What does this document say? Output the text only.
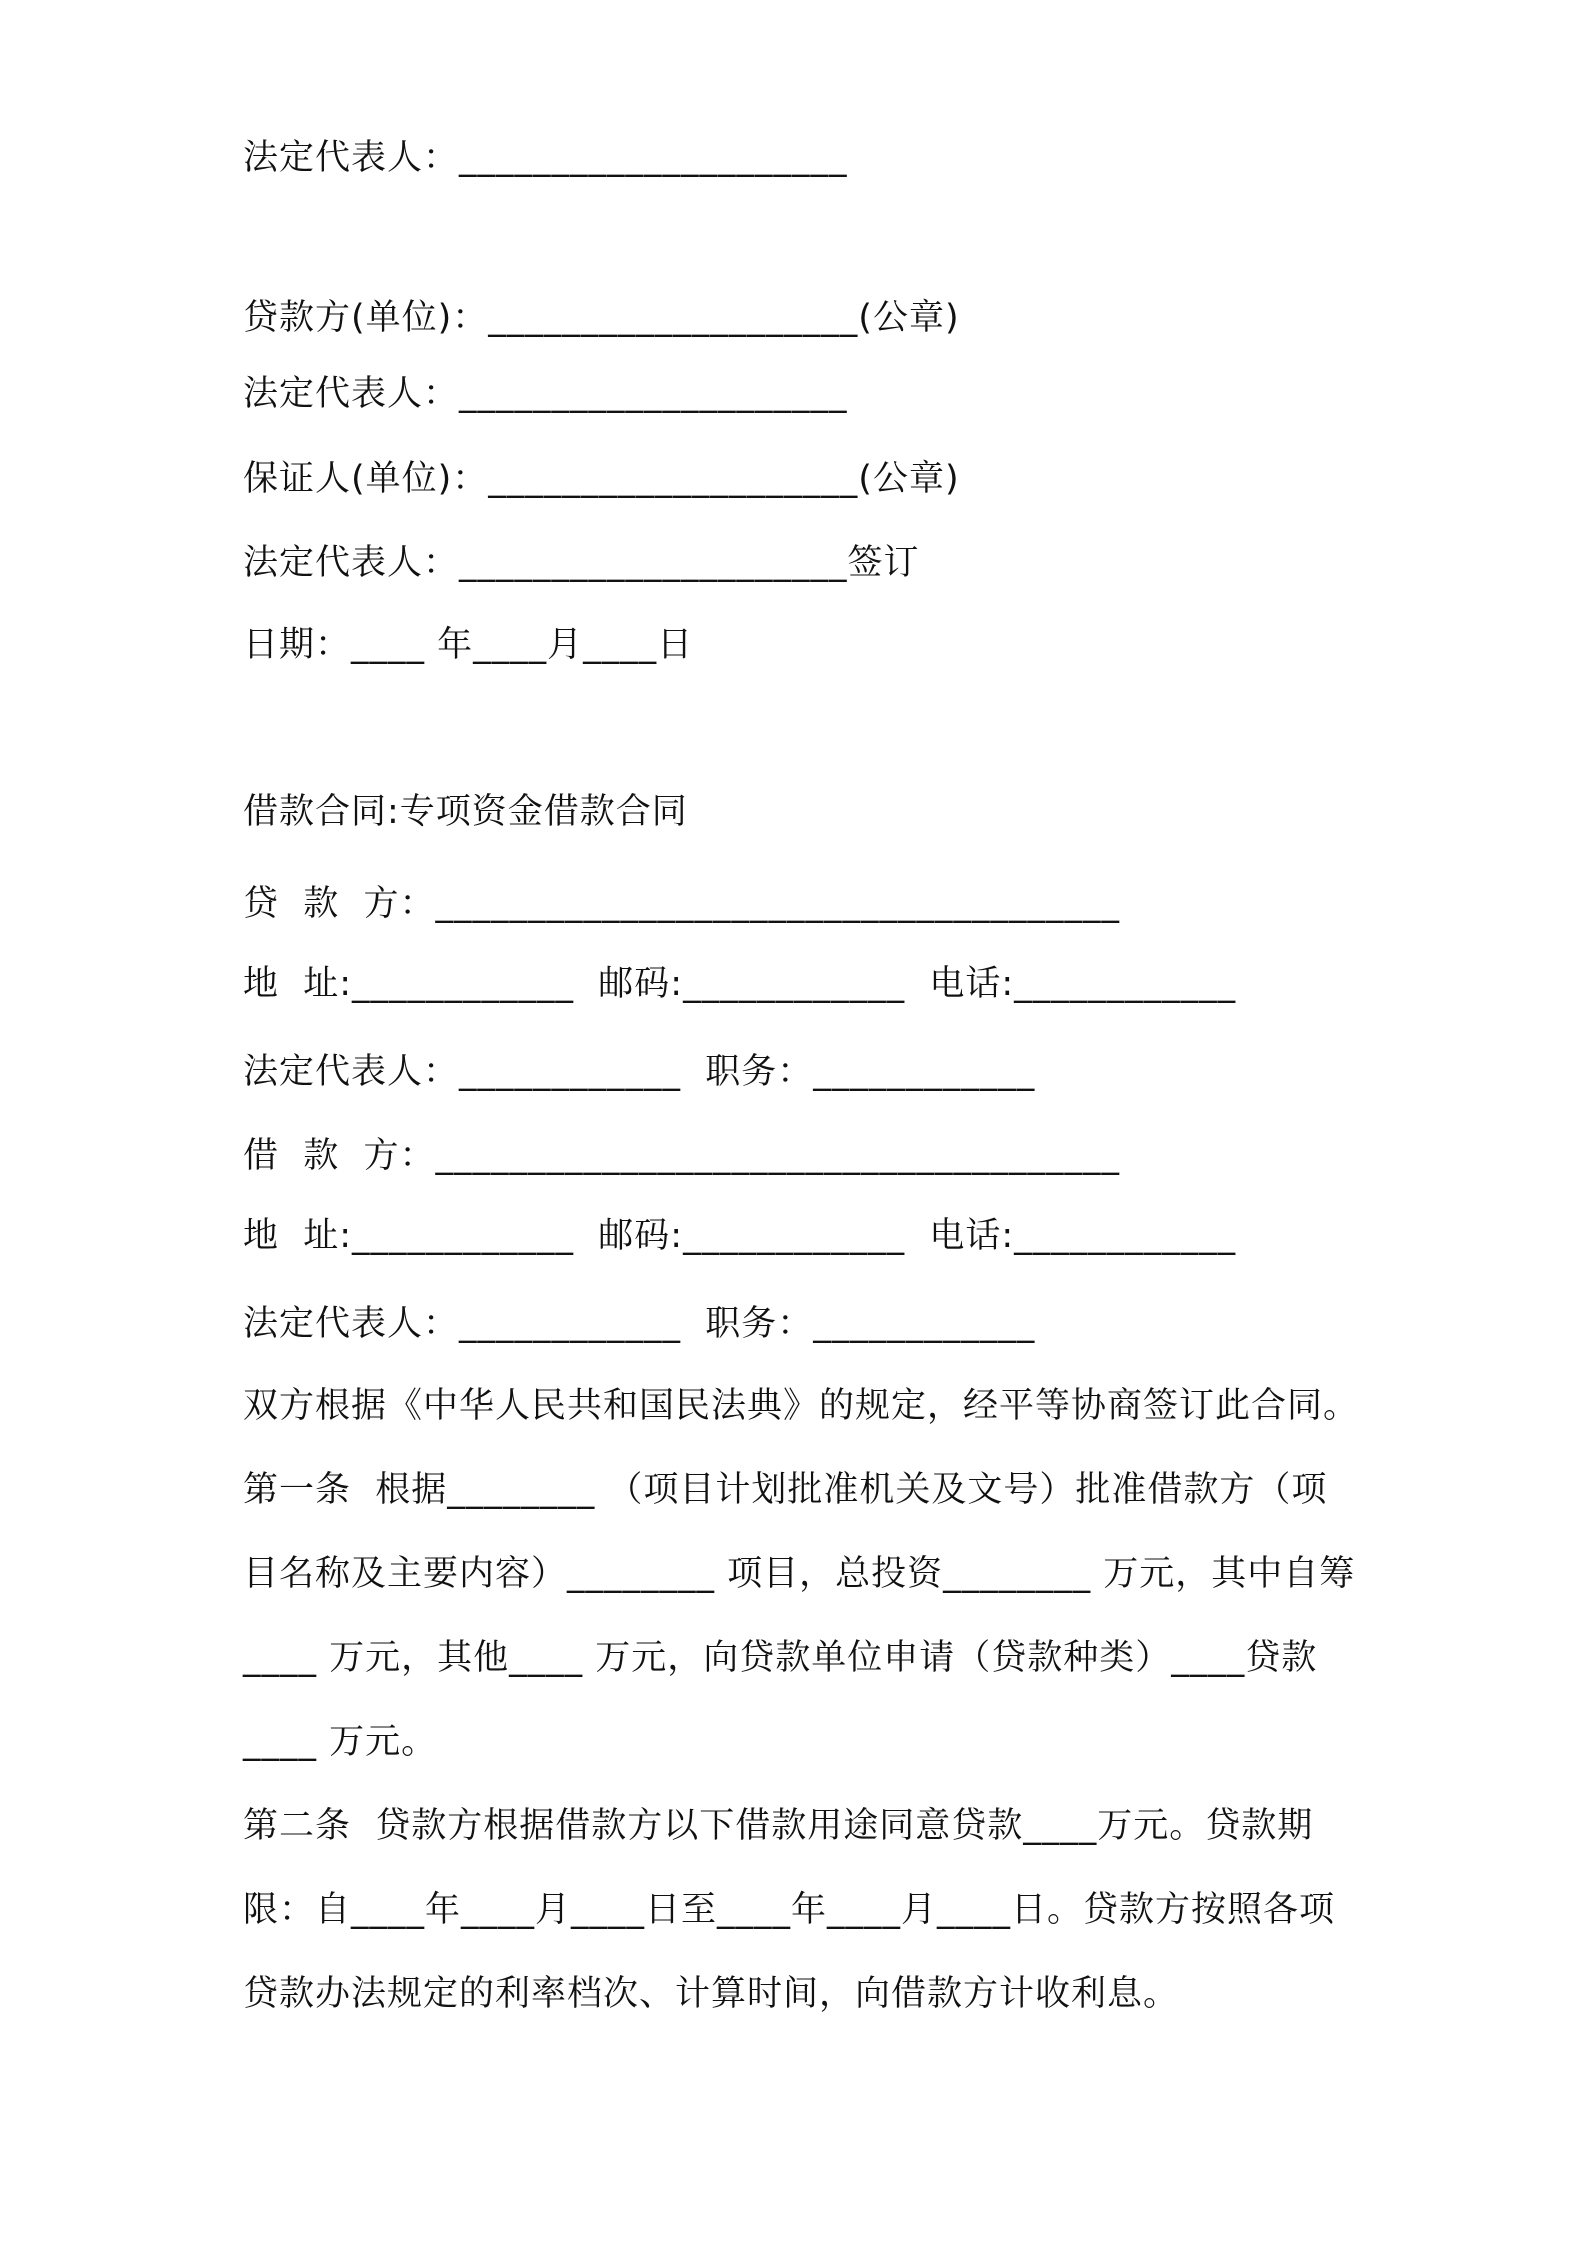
法定代表人：_____________________
贷款方(单位)：____________________(公章)
法定代表人：_____________________
保证人(单位)：____________________(公章)
法定代表人：_____________________签订
日期：____ 年____月____日
借款合同:专项资金借款合同
贷  款  方：_____________________________________
地  址:____________  邮码:____________  电话:____________
法定代表人：____________  职务：____________
借  款  方：_____________________________________
地  址:____________  邮码:____________  电话:____________
法定代表人：____________  职务：____________
双方根据《中华人民共和国民法典》的规定，经平等协商签订此合同。
第一条  根据________ （项目计划批准机关及文号）批准借款方（项目名称及主要内容）________ 项目，总投资________ 万元，其中自筹____ 万元，其他____ 万元，向贷款单位申请（贷款种类）____贷款____ 万元。
第二条  贷款方根据借款方以下借款用途同意贷款____万元。贷款期限：自____年____月____日至____年____月____日。贷款方按照各项贷款办法规定的利率档次、计算时间，向借款方计收利息。
